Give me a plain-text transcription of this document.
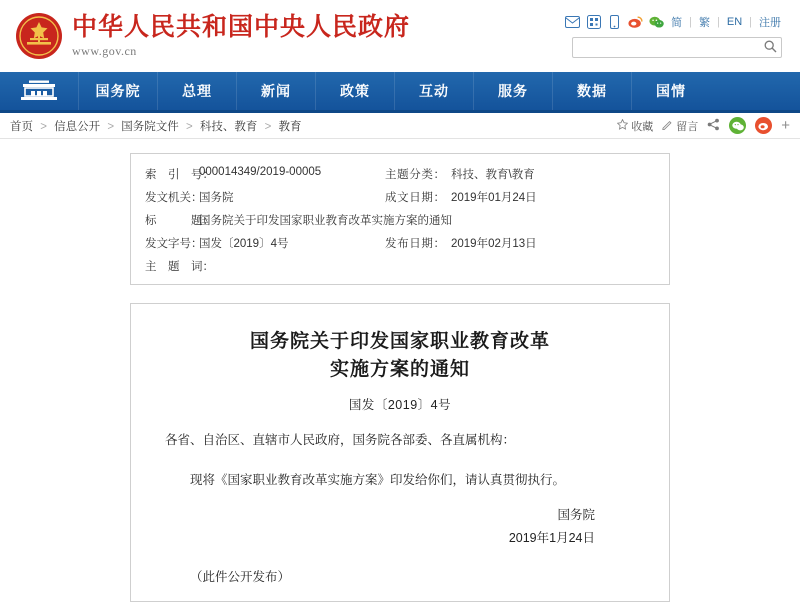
中华人民共和国中央人民政府
www.gov.cn
简 | 繁 | EN | 注册
国务院	总理	新闻	政策	互动	服务	数据	国情
首页 > 信息公开 > 国务院文件 > 科技、教育 > 教育	收藏 留言	+
索　引　号：
000014349/2019-00005	主题分类： 科技、教育\教育
发文机关：
国务院	成文日期： 2019年01月24日
标　　　题：
国务院关于印发国家职业教育改革实施方案的通知
发文字号：
国发〔2019〕4号	发布日期： 2019年02月13日
主　题　词：
国务院关于印发国家职业教育改革
实施方案的通知
国发〔2019〕4号
各省、自治区、直辖市人民政府，国务院各部委、各直属机构：
现将《国家职业教育改革实施方案》印发给你们，请认真贯彻执行。
国务院
2019年1月24日
（此件公开发布）
